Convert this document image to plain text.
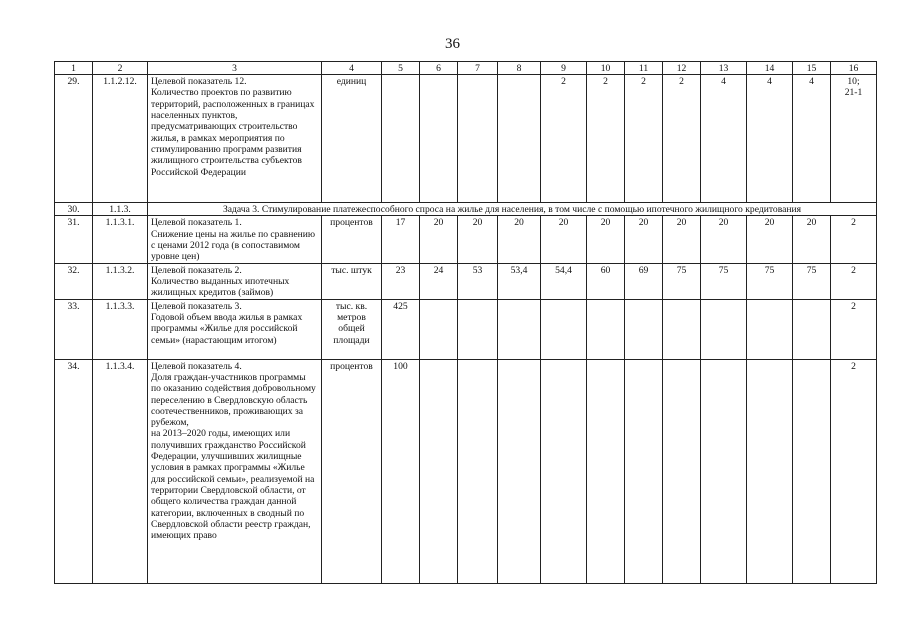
36
1	2	3	4	5	6	7	8	9	10	11	12	13	14	15	16
29.	1.1.2.12.	Целевой показатель 12.
Количество проектов по развитию территорий, расположенных в границах населенных пунктов, предусматривающих строительство жилья, в рамках мероприятия по стимулированию программ развития жилищного строительства субъектов Российской Федерации	единиц					2	2	2	2	4	4	4	10;
21-1
30.	1.1.3.	Задача 3. Стимулирование платежеспособного спроса на жилье для населения, в том числе с помощью ипотечного жилищного кредитования													
31.	1.1.3.1.	Целевой показатель 1.
Снижение цены на жилье по сравнению с ценами 2012 года (в сопоставимом уровне цен)	процентов	17	20	20	20	20	20	20	20	20	20	20	2
32.	1.1.3.2.	Целевой показатель 2.
Количество выданных ипотечных жилищных кредитов (займов)	тыс. штук	23	24	53	53,4	54,4	60	69	75	75	75	75	2
33.	1.1.3.3.	Целевой показатель 3.
Годовой объем ввода жилья в рамках программы «Жилье для российской семьи» (нарастающим итогом)	тыс. кв. метров общей площади	425											2
34.	1.1.3.4.	Целевой показатель 4.
Доля граждан-участников программы по оказанию содействия добровольному переселению в Свердловскую область соотечественников, проживающих за рубежом,
на 2013–2020 годы, имеющих или получивших гражданство Российской Федерации, улучшивших жилищные условия в рамках программы «Жилье для российской семьи», реализуемой на территории Свердловской области, от общего количества граждан данной категории, включенных в сводный по Свердловской области реестр граждан, имеющих право	процентов	100											2
